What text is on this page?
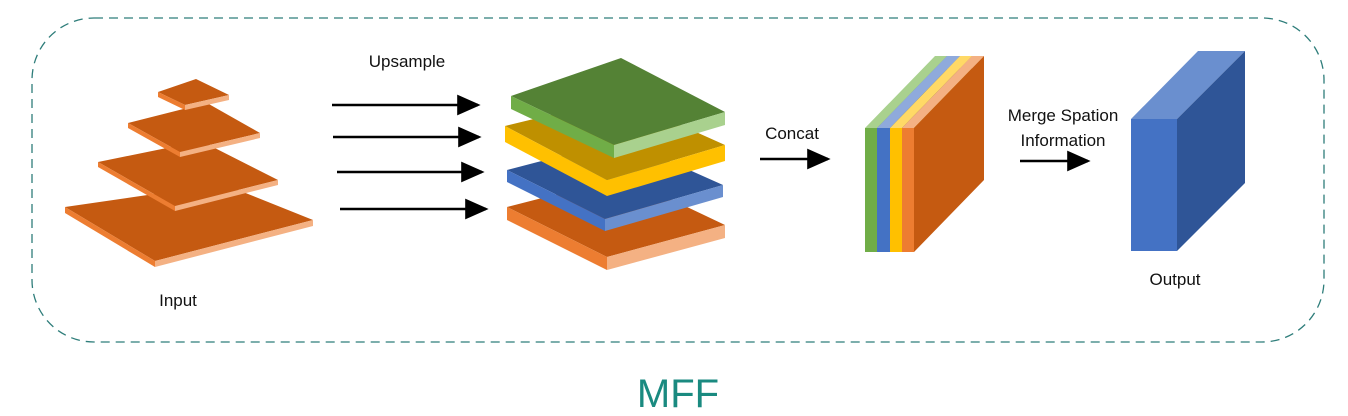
Input
Upsample
Concat
Merge Spation
Information
Output
MFF
